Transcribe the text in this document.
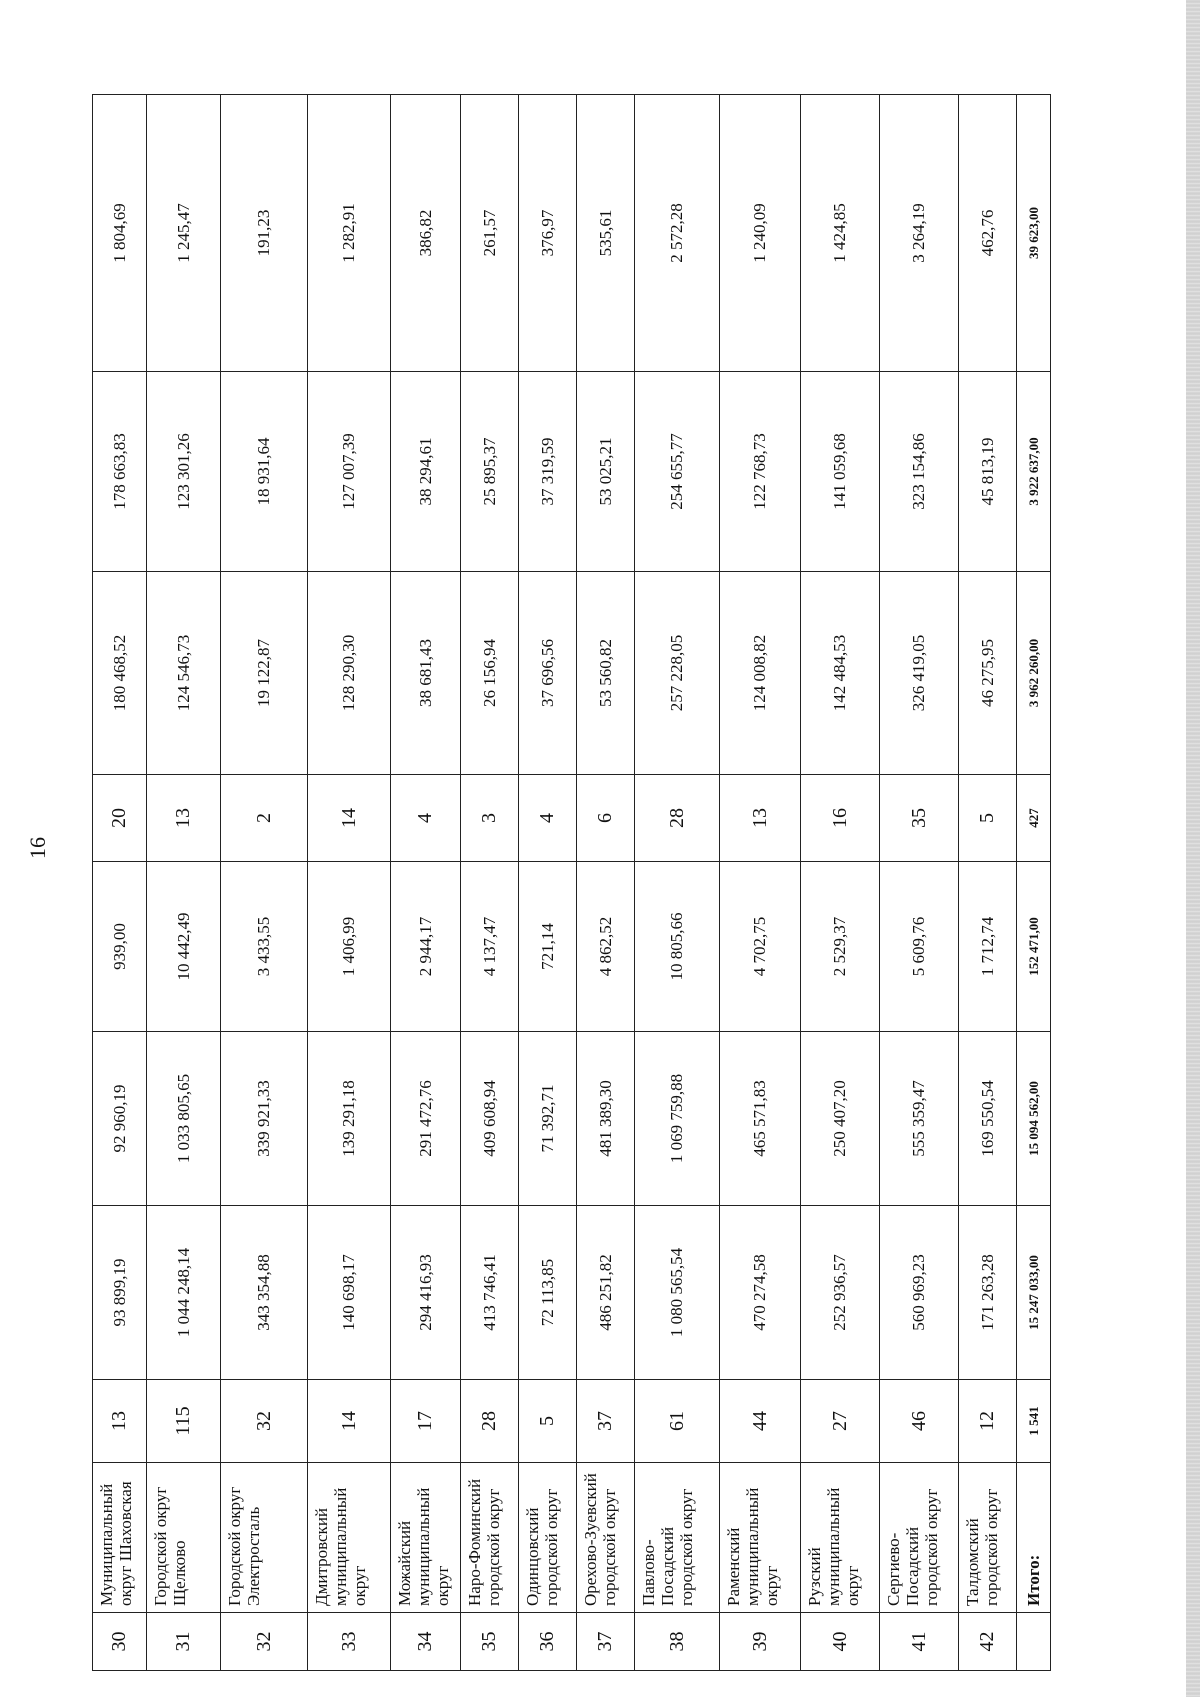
16
30	Муниципальный округ Шаховская	13	93 899,19	92 960,19	939,00	20	180 468,52	178 663,83	1 804,69
31	Городской округ Щелково	115	1 044 248,14	1 033 805,65	10 442,49	13	124 546,73	123 301,26	1 245,47
32	Городской округ Электросталь	32	343 354,88	339 921,33	3 433,55	2	19 122,87	18 931,64	191,23
33	Дмитровский муниципальный округ	14	140 698,17	139 291,18	1 406,99	14	128 290,30	127 007,39	1 282,91
34	Можайский муниципальный округ	17	294 416,93	291 472,76	2 944,17	4	38 681,43	38 294,61	386,82
35	Наро-Фоминский городской округ	28	413 746,41	409 608,94	4 137,47	3	26 156,94	25 895,37	261,57
36	Одинцовский городской округ	5	72 113,85	71 392,71	721,14	4	37 696,56	37 319,59	376,97
37	Орехово-Зуевский городской округ	37	486 251,82	481 389,30	4 862,52	6	53 560,82	53 025,21	535,61
38	Павлово-Посадский городской округ	61	1 080 565,54	1 069 759,88	10 805,66	28	257 228,05	254 655,77	2 572,28
39	Раменский муниципальный округ	44	470 274,58	465 571,83	4 702,75	13	124 008,82	122 768,73	1 240,09
40	Рузский муниципальный округ	27	252 936,57	250 407,20	2 529,37	16	142 484,53	141 059,68	1 424,85
41	Сергиево-Посадский городской округ	46	560 969,23	555 359,47	5 609,76	35	326 419,05	323 154,86	3 264,19
42	Талдомский городской округ	12	171 263,28	169 550,54	1 712,74	5	46 275,95	45 813,19	462,76
	Итого:	1 541	15 247 033,00	15 094 562,00	152 471,00	427	3 962 260,00	3 922 637,00	39 623,00
